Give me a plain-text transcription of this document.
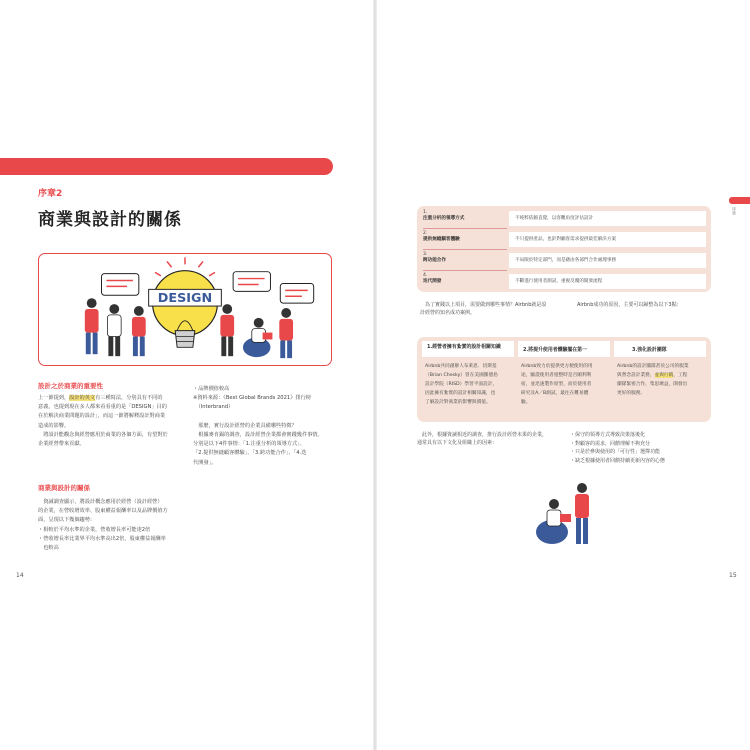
序章2
商業與設計的關係
DESIGN
設計之於商業的重要性

上一節提到，設計的英文有三種寫法，分別具有不同的

意義，也提到現在多人都來看看重的是「DESIGN」目的

在於解決商業問題的設計」，而這一節將解釋設計對商業

造成的影響。

　將設計能觀念與經營應用於商業的各個方面，有望對於

企業經營帶來貢獻。

商業與設計的關係

　資誡調查顯示，將設計概念應用於經營（設計經營）

的企業，在營收增效率、股東權益報酬率以及品牌價值方

面，呈現以下幾個趨勢：

・相較於平均水準的企業，營收增長率可能達2倍

・營收增長率比業界平均水準高出2倍，股東權益報酬率

　也較高

・品牌價值較高

※資料來源：《Best Global Brands 2021》排行榜

　（Interbrand）

　那麼，實行設計經營的企業具備哪些特徵？

　根據麥肯錫的調查，設計經營企業都會實踐幾件事情。

分別是以下4件事情：「1.注重分析的領導方式」、

「2.提供無縫顧客體驗」、「3.跨功能合作」、「4.迭

代開發」。

14
序章
1.
注重分析的領導方式	不純粹依賴直覺，以客觀角度評估設計
2.
提供無縫顧客體驗	不只提供產品，也針對顧客需求提供最佳解決方案
3.
跨功能合作	不局限於特定部門，而是藉由各部門合作處理事務
4.
迭代開發	不斷進行使用者測試，重視反覆的開發流程

　為了實踐以上項目，需要做到哪些事情？Airbnb就是設

計經營的知名成功案例。

Airbnb成功的原因，主要可以歸整為以下3點：
1.經營者擁有紮實的設計相關知識	2.將提升使用者體驗擺在第一	3.強化設計團隊

Airbnb共同創辦人布萊恩．切斯基

（Brian Chesky）曾在美國羅德島

設計學院（RISD）學習平面設計，

因此擁有紮實的設計相關知識，也

了解設計對商業的影響與價值。

Airbnb致力於提供更方便使用的用

途，驗證使用者租整時是否順利利

宿，並迅速製作原型，而於使用者

研究及A／B測試，最往在難易體

驗。

Airbnb的設計團隊甚於公司的服業

與營念設計業務，並與行銷，工程

團隊緊密合作，集思廣益，開發出

更好的服務。

　此外，根據資誡相近的調查，推行設計經營未果的企業，

通常具有以下文化及組織上的因素：

・保守的領導方式導致決策落後化
・對顧客的需求，回饋理解不夠充分
・只是於參與使用的「可行性」選擇功能
・缺乏根據使用者回饋持續更新內容的心態
15
